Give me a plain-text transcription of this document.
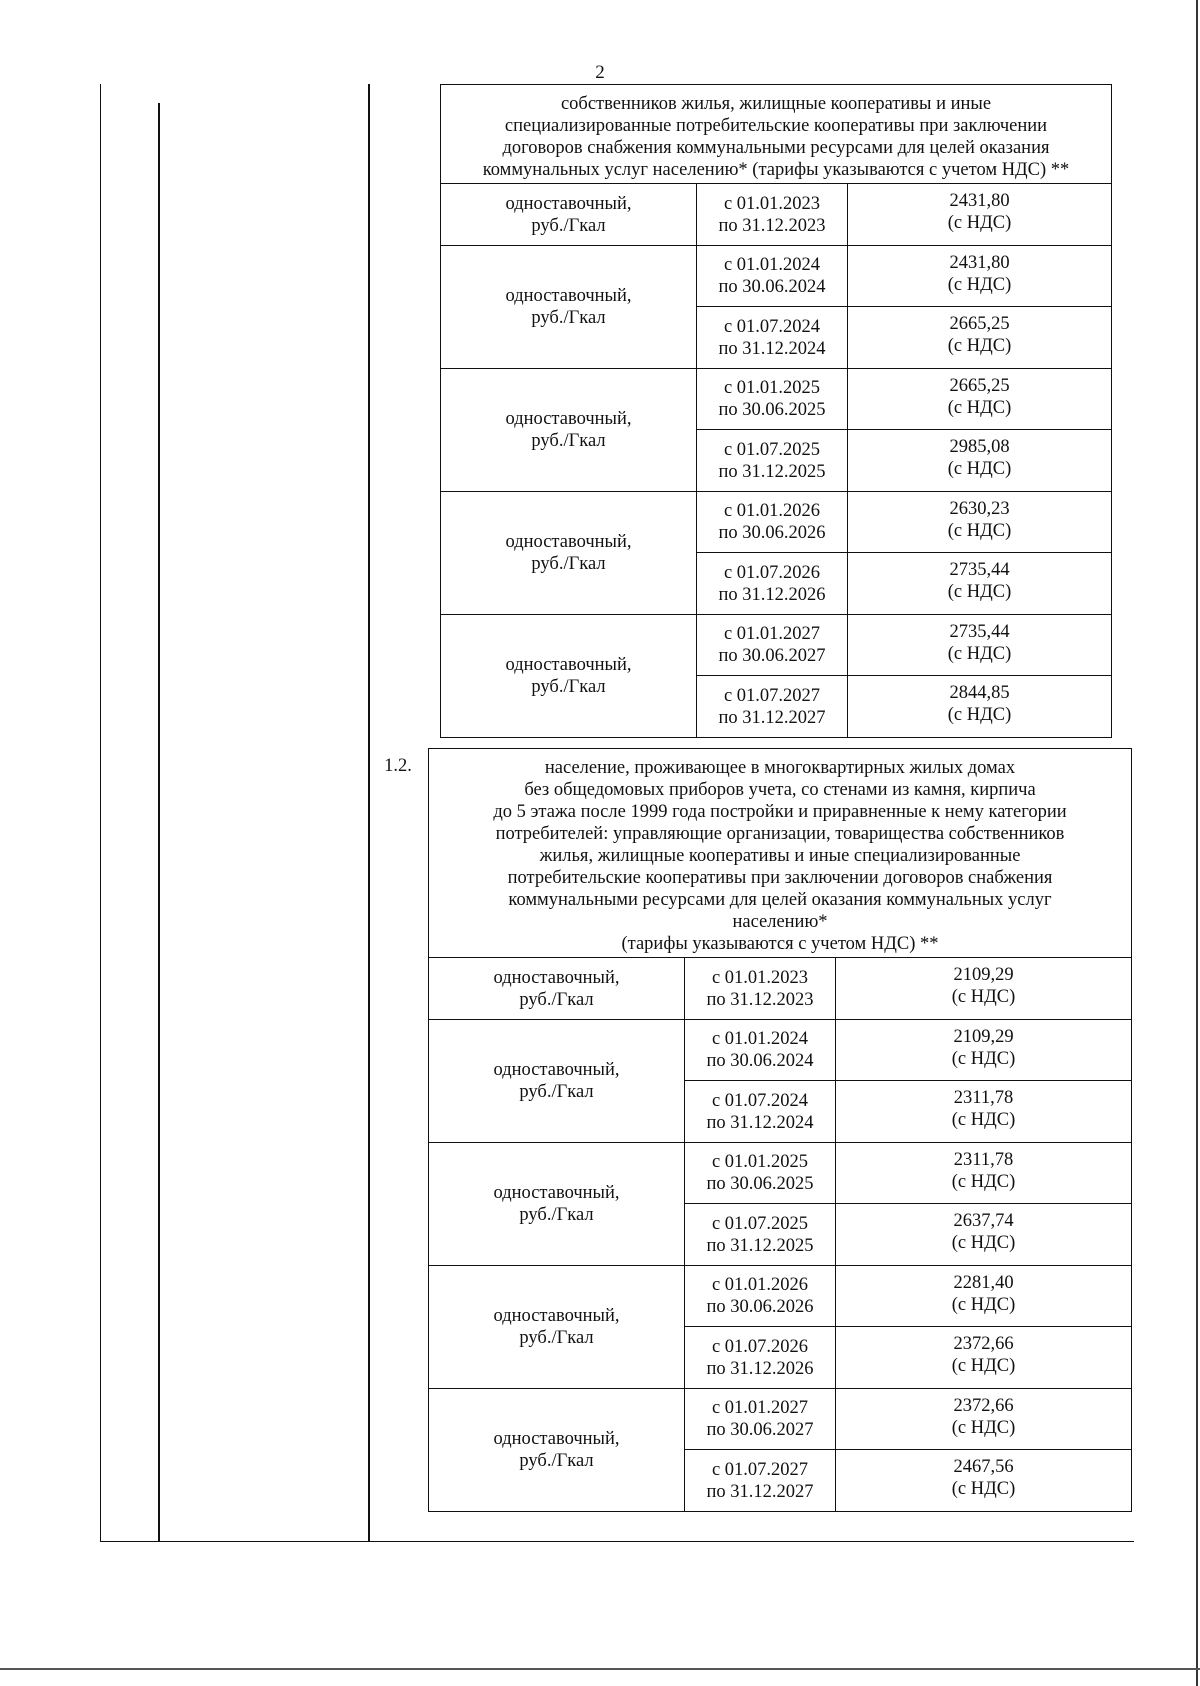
2
собственников жилья, жилищные кооперативы и иные
специализированные потребительские кооперативы при заключении
договоров снабжения коммунальными ресурсами для целей оказания
коммунальных услуг населению* (тарифы указываются с учетом НДС) **
одноставочный,
руб./Гкал
с 01.01.2023
по 31.12.2023
2431,80
(с НДС)
одноставочный,
руб./Гкал
с 01.01.2024
по 30.06.2024
2431,80
(с НДС)
с 01.07.2024
по 31.12.2024
2665,25
(с НДС)
одноставочный,
руб./Гкал
с 01.01.2025
по 30.06.2025
2665,25
(с НДС)
с 01.07.2025
по 31.12.2025
2985,08
(с НДС)
одноставочный,
руб./Гкал
с 01.01.2026
по 30.06.2026
2630,23
(с НДС)
с 01.07.2026
по 31.12.2026
2735,44
(с НДС)
одноставочный,
руб./Гкал
с 01.01.2027
по 30.06.2027
2735,44
(с НДС)
с 01.07.2027
по 31.12.2027
2844,85
(с НДС)
1.2.	население, проживающее в многоквартирных жилых домах
без общедомовых приборов учета, со стенами из камня, кирпича
до 5 этажа после 1999 года постройки и приравненные к нему категории
потребителей: управляющие организации, товарищества собственников
жилья, жилищные кооперативы и иные специализированные
потребительские кооперативы при заключении договоров снабжения
коммунальными ресурсами для целей оказания коммунальных услуг
населению*
(тарифы указываются с учетом НДС) **
одноставочный,
руб./Гкал
с 01.01.2023
по 31.12.2023
2109,29
(с НДС)
одноставочный,
руб./Гкал
с 01.01.2024
по 30.06.2024
2109,29
(с НДС)
с 01.07.2024
по 31.12.2024
2311,78
(с НДС)
одноставочный,
руб./Гкал
с 01.01.2025
по 30.06.2025
2311,78
(с НДС)
с 01.07.2025
по 31.12.2025
2637,74
(с НДС)
одноставочный,
руб./Гкал
с 01.01.2026
по 30.06.2026
2281,40
(с НДС)
с 01.07.2026
по 31.12.2026
2372,66
(с НДС)
одноставочный,
руб./Гкал
с 01.01.2027
по 30.06.2027
2372,66
(с НДС)
с 01.07.2027
по 31.12.2027
2467,56
(с НДС)
